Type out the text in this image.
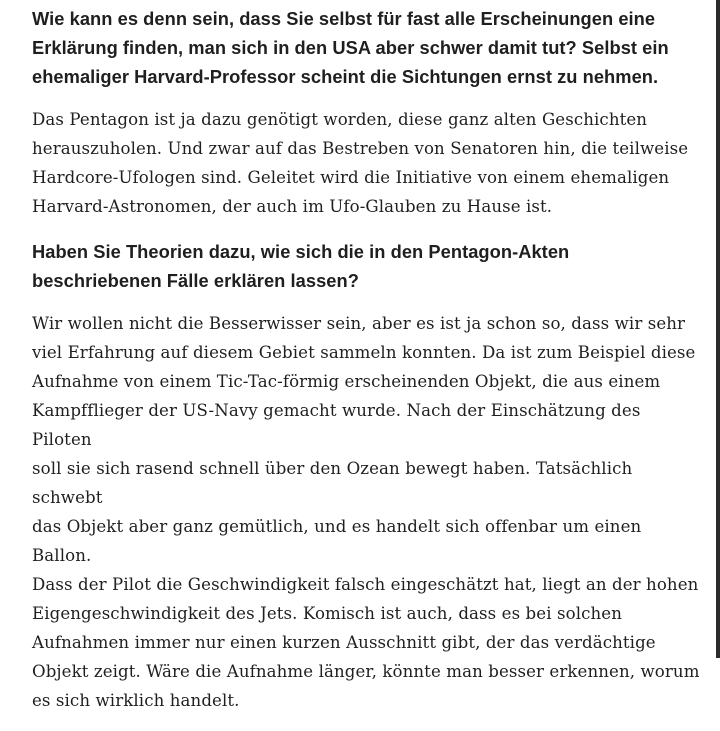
Wie kann es denn sein, dass Sie selbst für fast alle Erscheinungen eine
Erklärung finden, man sich in den USA aber schwer damit tut? Selbst ein
ehemaliger Harvard-Professor scheint die Sichtungen ernst zu nehmen.

Das Pentagon ist ja dazu genötigt worden, diese ganz alten Geschichten
herauszuholen. Und zwar auf das Bestreben von Senatoren hin, die teilweise
Hardcore-Ufologen sind. Geleitet wird die Initiative von einem ehemaligen
Harvard-Astronomen, der auch im Ufo-Glauben zu Hause ist.

Haben Sie Theorien dazu, wie sich die in den Pentagon-Akten
beschriebenen Fälle erklären lassen?

Wir wollen nicht die Besserwisser sein, aber es ist ja schon so, dass wir sehr
viel Erfahrung auf diesem Gebiet sammeln konnten. Da ist zum Beispiel diese
Aufnahme von einem Tic-Tac-förmig erscheinenden Objekt, die aus einem
Kampfflieger der US-Navy gemacht wurde. Nach der Einschätzung des Piloten
soll sie sich rasend schnell über den Ozean bewegt haben. Tatsächlich schwebt
das Objekt aber ganz gemütlich, und es handelt sich offenbar um einen Ballon.
Dass der Pilot die Geschwindigkeit falsch eingeschätzt hat, liegt an der hohen
Eigengeschwindigkeit des Jets. Komisch ist auch, dass es bei solchen
Aufnahmen immer nur einen kurzen Ausschnitt gibt, der das verdächtige
Objekt zeigt. Wäre die Aufnahme länger, könnte man besser erkennen, worum
es sich wirklich handelt.
